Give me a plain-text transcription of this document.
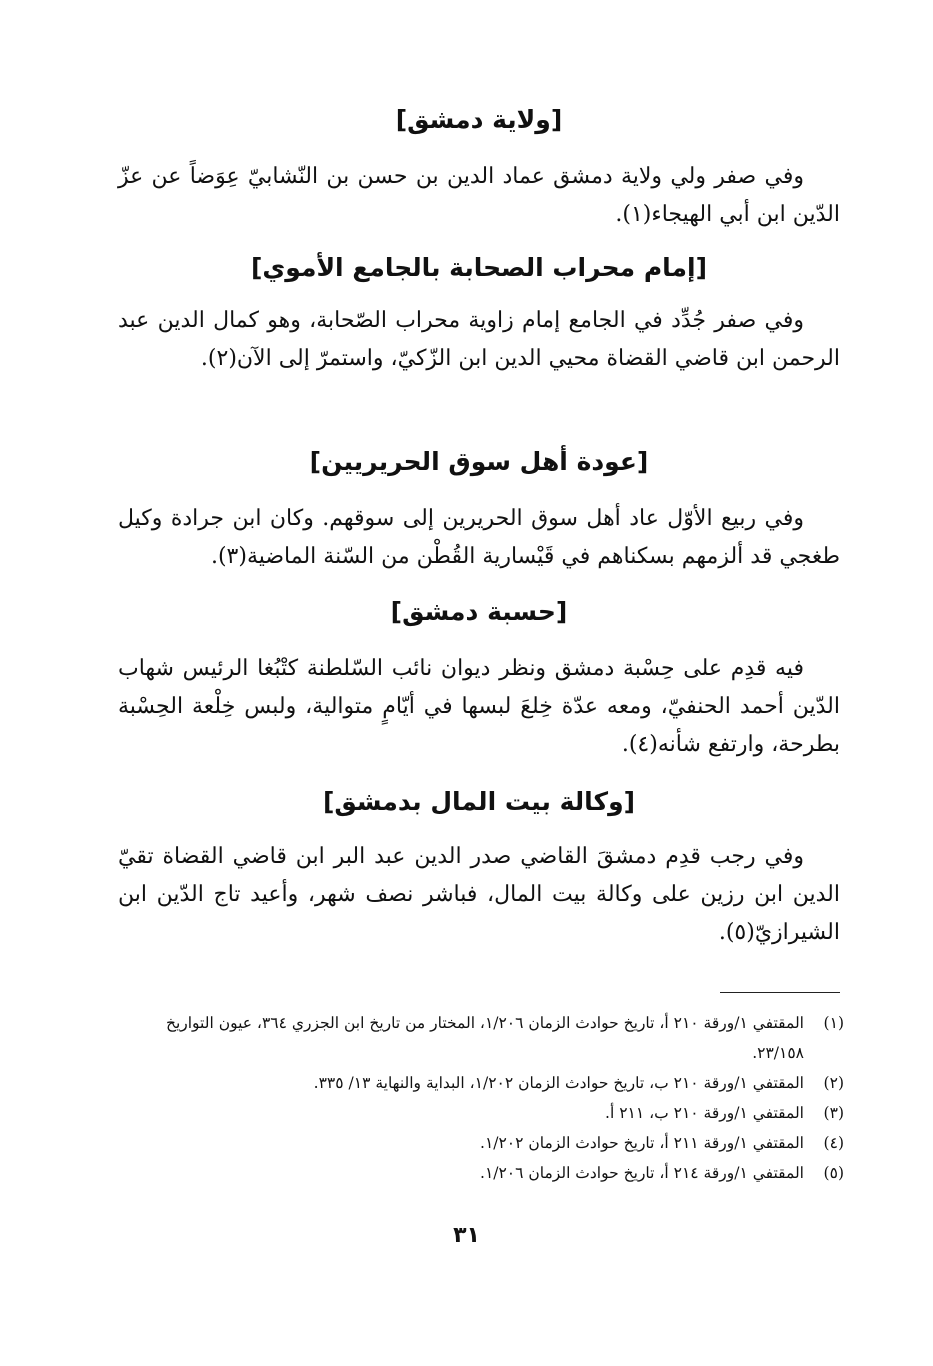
[ولاية دمشق]
وفي صفر ولي ولاية دمشق عماد الدين بن حسن بن النّشابيّ عِوَضاً عن عزّ الدّين ابن أبي الهيجاء(١).
[إمام محراب الصحابة بالجامع الأموي]
وفي صفر جُدِّد في الجامع إمام زاوية محراب الصّحابة، وهو كمال الدين عبد الرحمن ابن قاضي القضاة محيي الدين ابن الزّكيّ، واستمرّ إلى الآن(٢).
[عودة أهل سوق الحريريين]
وفي ربيع الأوّل عاد أهل سوق الحريرين إلى سوقهم. وكان ابن جرادة وكيل طغجي قد ألزمهم بسكناهم في قَيْسارية القُطْن من السّنة الماضية(٣).
[حسبة دمشق]
فيه قدِم على حِسْبة دمشق ونظر ديوان نائب السّلطنة كتْبُغا الرئيس شهاب الدّين أحمد الحنفيّ، ومعه عدّة خِلعَ لبسها في أيّامٍ متوالية، ولبس خِلْعة الحِسْبة بطرحة، وارتفع شأنه(٤).
[وكالة بيت المال بدمشق]
وفي رجب قدِم دمشقَ القاضي صدر الدين عبد البر ابن قاضي القضاة تقيّ الدين ابن رزين على وكالة بيت المال، فباشر نصف شهر، وأعيد تاج الدّين ابن الشيرازيّ(٥).
(١)
المقتفي ١/ورقة ٢١٠ أ، تاريخ حوادث الزمان ١/٢٠٦، المختار من تاريخ ابن الجزري ٣٦٤، عيون التواريخ ٢٣/١٥٨.
(٢)
المقتفي ١/ورقة ٢١٠ ب، تاريخ حوادث الزمان ١/٢٠٢، البداية والنهاية ١٣/ ٣٣٥.
(٣)
المقتفي ١/ورقة ٢١٠ ب، ٢١١ أ.
(٤)
المقتفي ١/ورقة ٢١١ أ، تاريخ حوادث الزمان ١/٢٠٢.
(٥)
المقتفي ١/ورقة ٢١٤ أ، تاريخ حوادث الزمان ١/٢٠٦.
٣١
